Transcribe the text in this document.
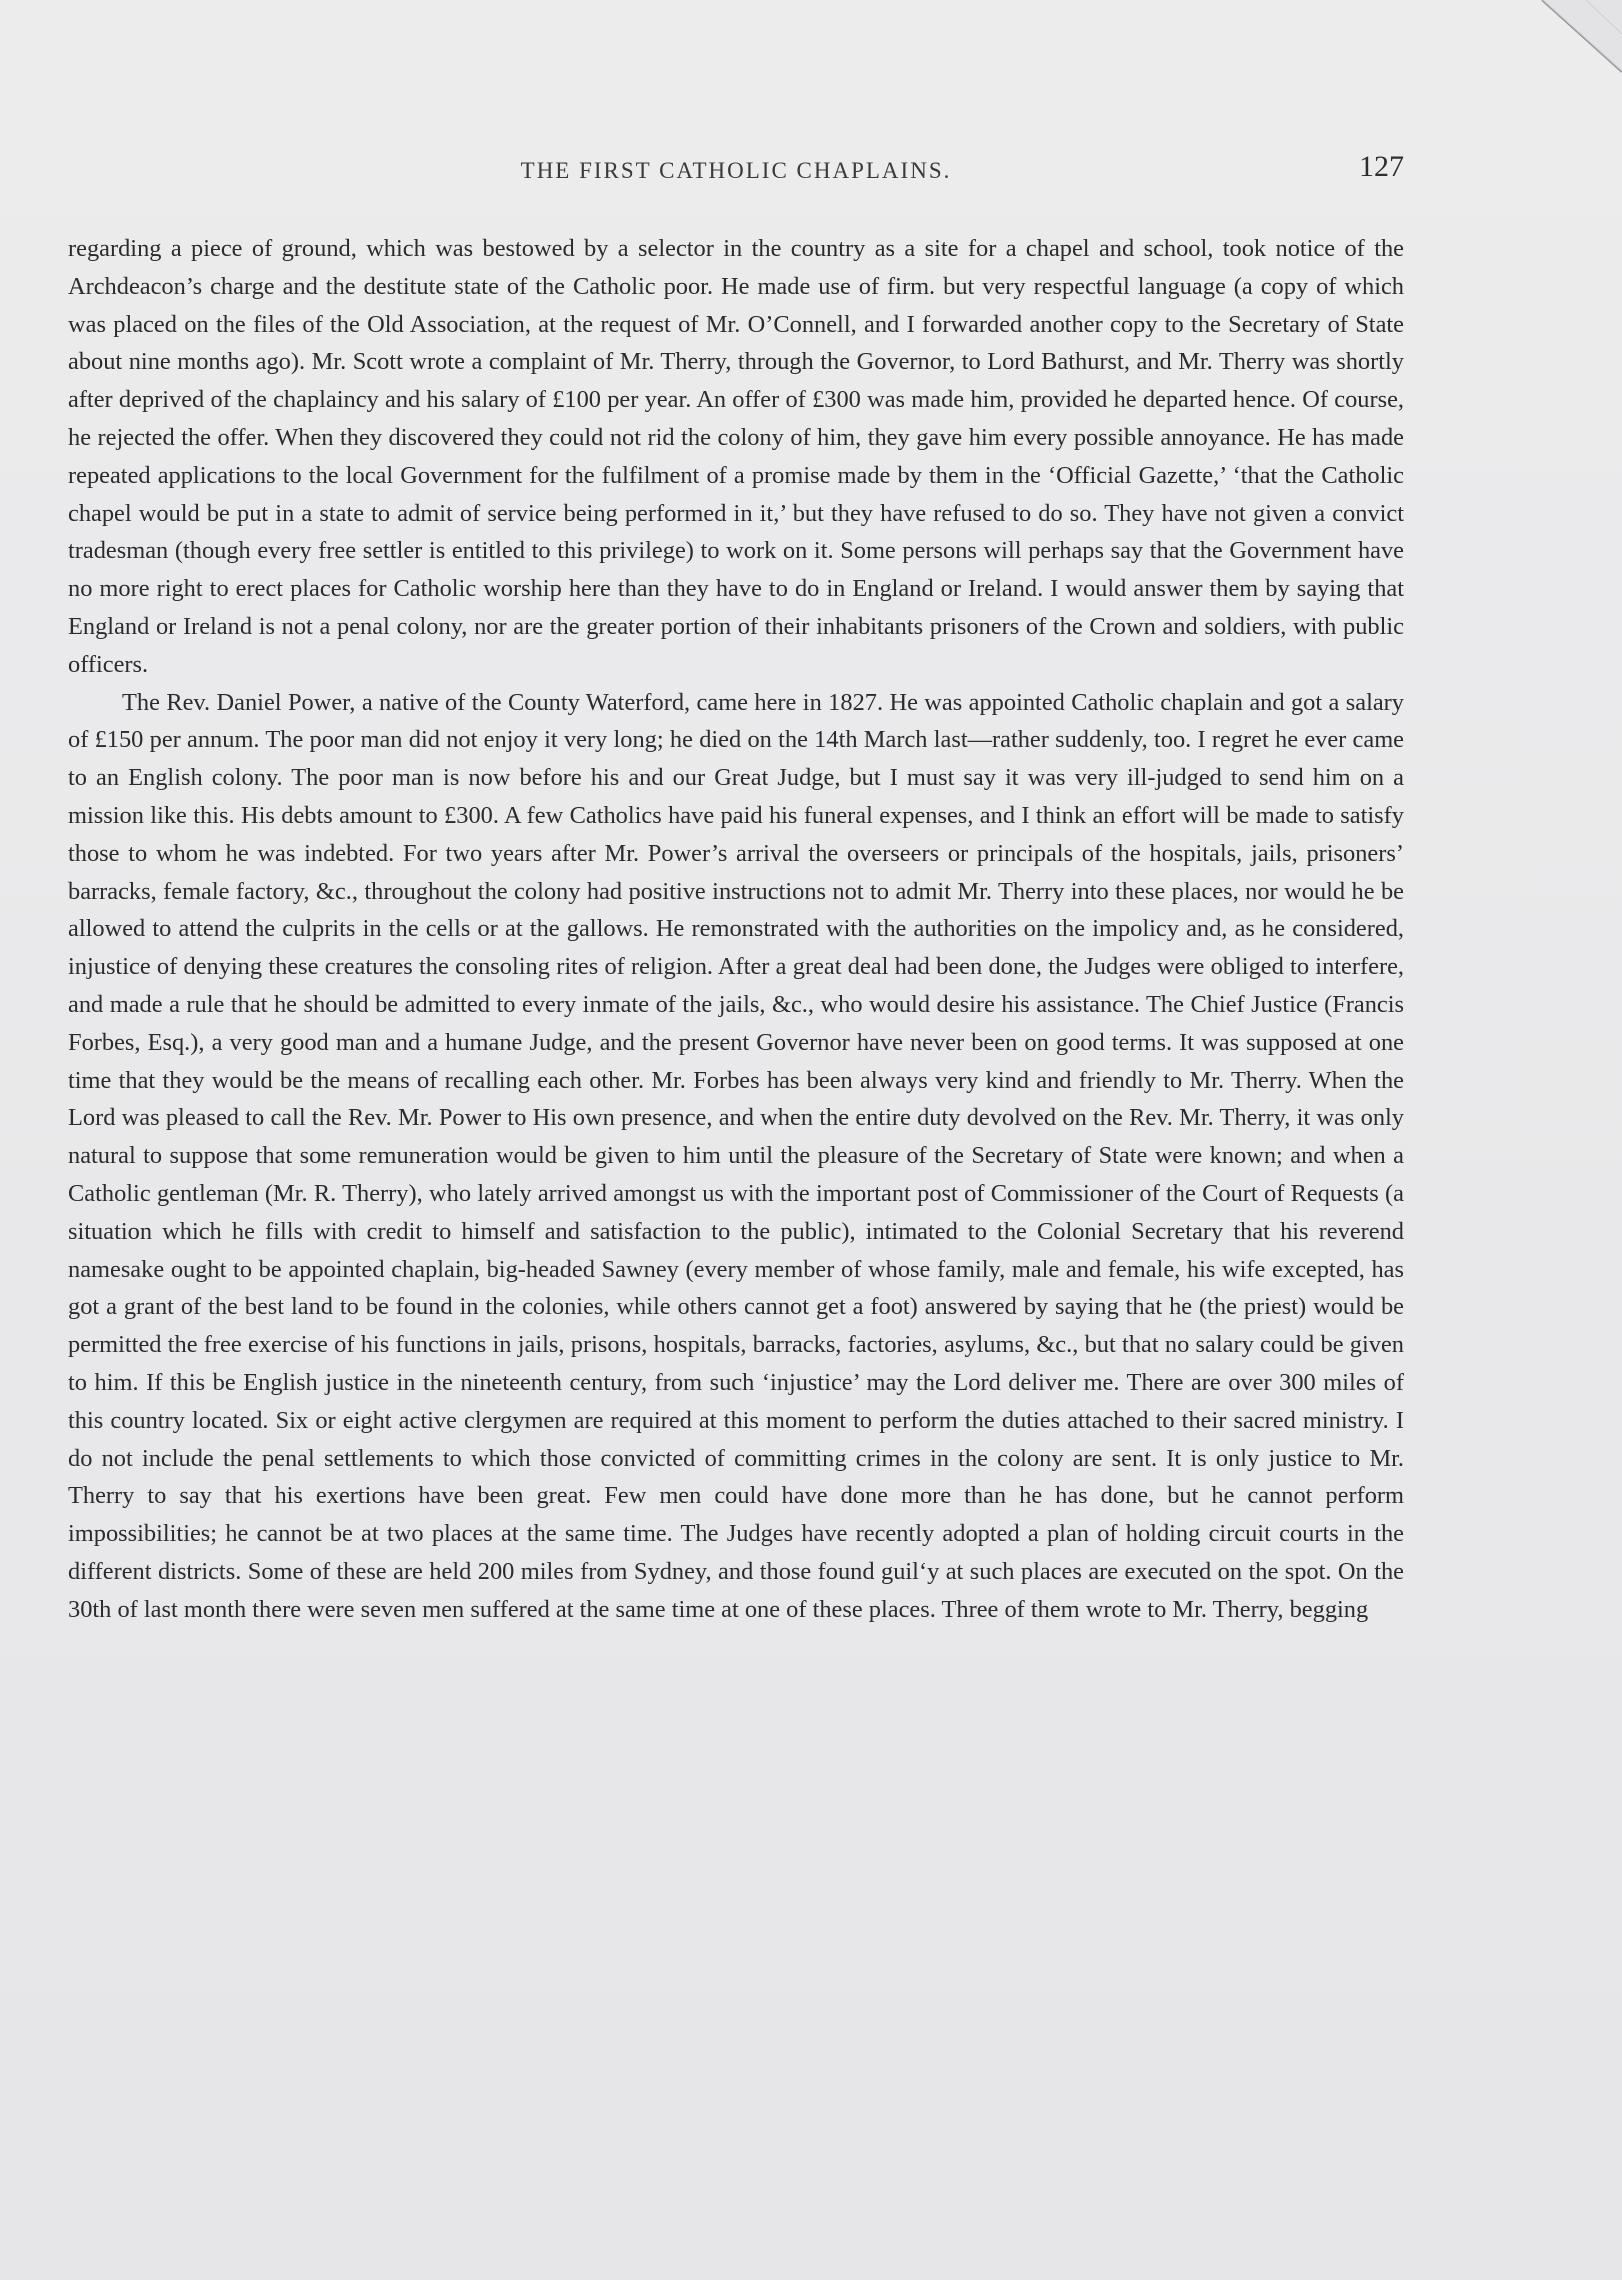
THE FIRST CATHOLIC CHAPLAINS.	127

regarding a piece of ground, which was bestowed by a selector in the country as a site for a chapel and school, took notice of the Archdeacon’s charge and the destitute state of the Catholic poor. He made use of firm. but very respectful language (a copy of which was placed on the files of the Old Association, at the request of Mr. O’Connell, and I forwarded another copy to the Secretary of State about nine months ago). Mr. Scott wrote a complaint of Mr. Therry, through the Governor, to Lord Bathurst, and Mr. Therry was shortly after deprived of the chaplaincy and his salary of £100 per year. An offer of £300 was made him, provided he departed hence. Of course, he rejected the offer. When they discovered they could not rid the colony of him, they gave him every possible annoyance. He has made repeated applications to the local Government for the fulfilment of a promise made by them in the ‘Official Gazette,’ ‘that the Catholic chapel would be put in a state to admit of service being performed in it,’ but they have refused to do so. They have not given a convict tradesman (though every free settler is entitled to this privilege) to work on it. Some persons will perhaps say that the Government have no more right to erect places for Catholic worship here than they have to do in England or Ireland. I would answer them by saying that England or Ireland is not a penal colony, nor are the greater portion of their inhabitants prisoners of the Crown and soldiers, with public officers.

The Rev. Daniel Power, a native of the County Waterford, came here in 1827. He was appointed Catholic chaplain and got a salary of £150 per annum. The poor man did not enjoy it very long; he died on the 14th March last—rather suddenly, too. I regret he ever came to an English colony. The poor man is now before his and our Great Judge, but I must say it was very ill-judged to send him on a mission like this. His debts amount to £300. A few Catholics have paid his funeral expenses, and I think an effort will be made to satisfy those to whom he was indebted. For two years after Mr. Power’s arrival the overseers or principals of the hospitals, jails, prisoners’ barracks, female factory, &c., throughout the colony had positive instructions not to admit Mr. Therry into these places, nor would he be allowed to attend the culprits in the cells or at the gallows. He remonstrated with the authorities on the impolicy and, as he considered, injustice of denying these creatures the consoling rites of religion. After a great deal had been done, the Judges were obliged to interfere, and made a rule that he should be admitted to every inmate of the jails, &c., who would desire his assistance. The Chief Justice (Francis Forbes, Esq.), a very good man and a humane Judge, and the present Governor have never been on good terms. It was supposed at one time that they would be the means of recalling each other. Mr. Forbes has been always very kind and friendly to Mr. Therry. When the Lord was pleased to call the Rev. Mr. Power to His own presence, and when the entire duty devolved on the Rev. Mr. Therry, it was only natural to suppose that some remuneration would be given to him until the pleasure of the Secretary of State were known; and when a Catholic gentleman (Mr. R. Therry), who lately arrived amongst us with the important post of Commissioner of the Court of Requests (a situation which he fills with credit to himself and satisfaction to the public), intimated to the Colonial Secretary that his reverend namesake ought to be appointed chaplain, big-headed Sawney (every member of whose family, male and female, his wife excepted, has got a grant of the best land to be found in the colonies, while others cannot get a foot) answered by saying that he (the priest) would be permitted the free exercise of his functions in jails, prisons, hospitals, barracks, factories, asylums, &c., but that no salary could be given to him. If this be English justice in the nineteenth century, from such ‘injustice’ may the Lord deliver me. There are over 300 miles of this country located. Six or eight active clergymen are required at this moment to perform the duties attached to their sacred ministry. I do not include the penal settlements to which those convicted of committing crimes in the colony are sent. It is only justice to Mr. Therry to say that his exertions have been great. Few men could have done more than he has done, but he cannot perform impossibilities; he cannot be at two places at the same time. The Judges have recently adopted a plan of holding circuit courts in the different districts. Some of these are held 200 miles from Sydney, and those found guil‘y at such places are executed on the spot. On the 30th of last month there were seven men suffered at the same time at one of these places. Three of them wrote to Mr. Therry, begging
